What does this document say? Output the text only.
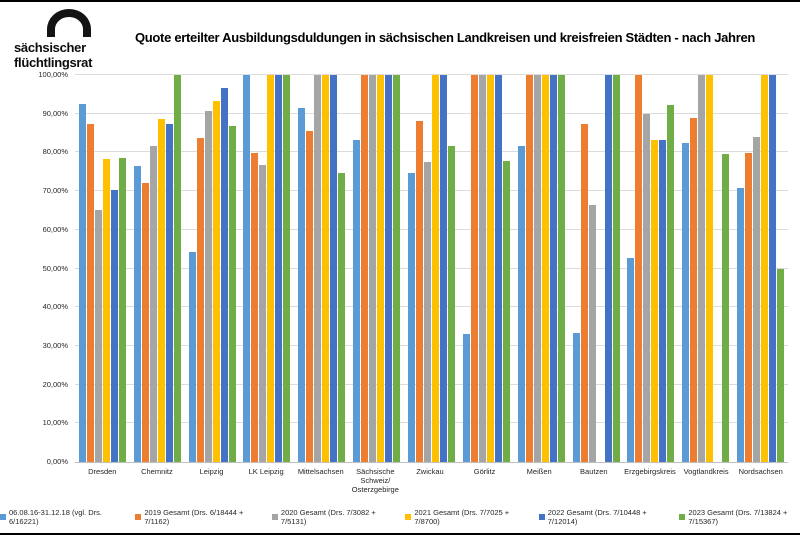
sächsischer
flüchtlingsrat
Quote erteilter Ausbildungsduldungen in sächsischen Landkreisen und kreisfreien Städten - nach Jahren
0,00%
10,00%
20,00%
30,00%
40,00%
50,00%
60,00%
70,00%
80,00%
90,00%
100,00%
Dresden	Chemnitz	Leipzig	LK Leipzig	Mittelsachsen	Sächsische Schweiz/ Osterzgebirge
Zwickau	Görlitz	Meißen	Bautzen	Erzgebirgskreis	Vogtlandkreis	Nordsachsen
06.08.16-31.12.18 (vgl. Drs. 6/16221)
2019 Gesamt (Drs. 6/18444 + 7/1162)
2020 Gesamt (Drs. 7/3082 + 7/5131)
2021 Gesamt (Drs. 7/7025 + 7/8700)
2022 Gesamt (Drs. 7/10448 + 7/12014)
2023 Gesamt (Drs. 7/13824 + 7/15367)
